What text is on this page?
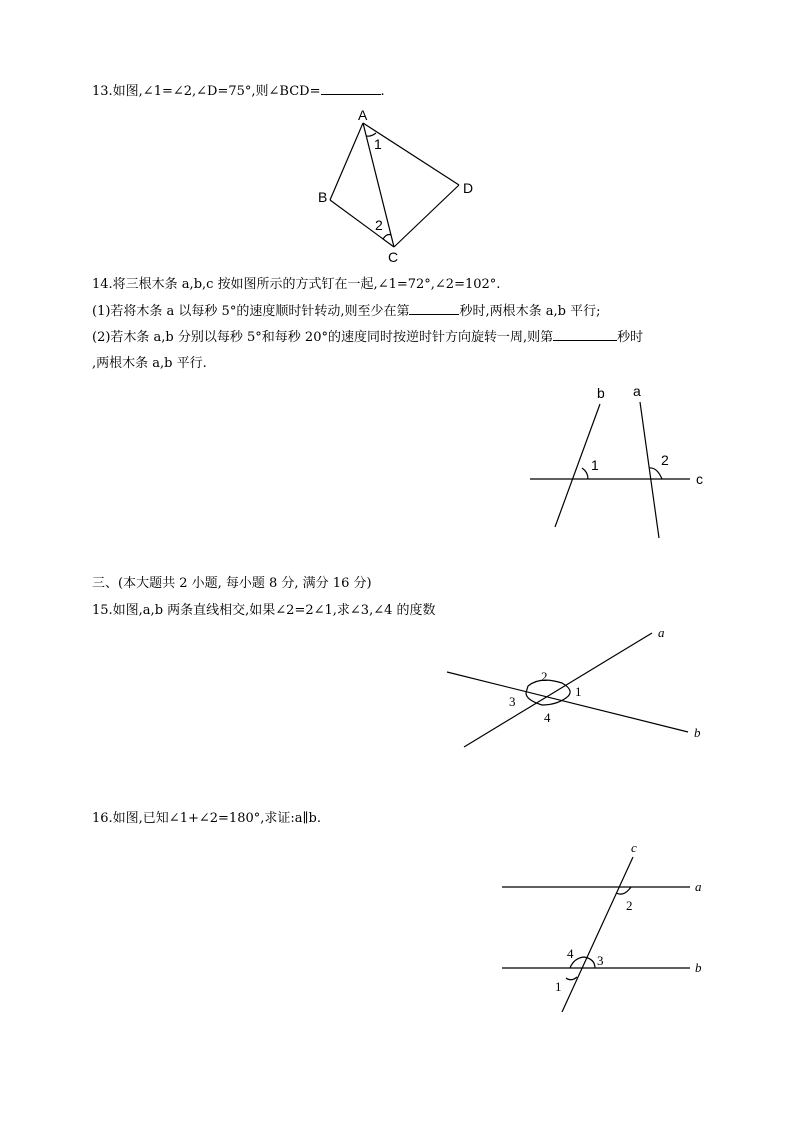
13.如图,∠1=∠2,∠D=75°,则∠BCD=	.
A
B
C
D
1
2
14.将三根木条 a,b,c 按如图所示的方式钉在一起,∠1=72°,∠2=102°.
(1)若将木条 a 以每秒 5°的速度顺时针转动,则至少在第	秒时,两根木条 a,b 平行;
(2)若木条 a,b 分别以每秒 5°和每秒 20°的速度同时按逆时针方向旋转一周,则第	秒时
,两根木条 a,b 平行.
b a
c
1	2
三、(本大题共 2 小题, 每小题 8 分, 满分 16 分)
15.如图,a,b 两条直线相交,如果∠2=2∠1,求∠3,∠4 的度数
a
b
1
2
3
4
16.如图,已知∠1+∠2=180°,求证:a∥b.
c
a
b
2
4 3
1
